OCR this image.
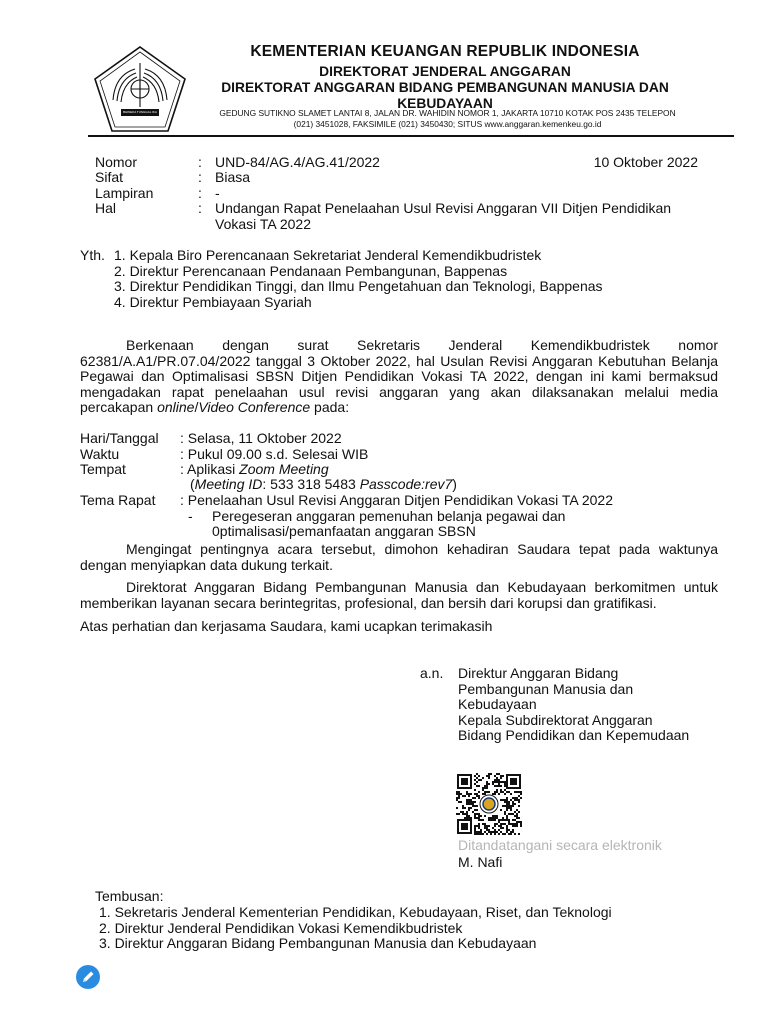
BHINEKA TUNGGAL IKA
KEMENTERIAN KEUANGAN REPUBLIK INDONESIA
DIREKTORAT JENDERAL ANGGARAN
DIREKTORAT ANGGARAN BIDANG PEMBANGUNAN MANUSIA DAN KEBUDAYAAN
GEDUNG SUTIKNO SLAMET LANTAI 8, JALAN DR. WAHIDIN NOMOR 1, JAKARTA 10710 KOTAK POS 2435 TELEPON
(021) 3451028, FAKSIMILE (021) 3450430; SITUS www.anggaran.kemenkeu.go.id
Nomor	: UND-84/AG.4/AG.41/2022	10 Oktober 2022
Sifat	: Biasa
Lampiran	: -
Hal	: Undangan Rapat Penelaahan Usul Revisi Anggaran VII Ditjen Pendidikan
Vokasi TA 2022
Yth. 1. Kepala Biro Perencanaan Sekretariat Jenderal Kemendikbudristek
2. Direktur Perencanaan Pendanaan Pembangunan, Bappenas
3. Direktur Pendidikan Tinggi, dan Ilmu Pengetahuan dan Teknologi, Bappenas
4. Direktur Pembiayaan Syariah
Berkenaan dengan surat Sekretaris Jenderal Kemendikbudristek nomor
62381/A.A1/PR.07.04/2022 tanggal 3 Oktober 2022, hal Usulan Revisi Anggaran Kebutuhan Belanja
Pegawai dan Optimalisasi SBSN Ditjen Pendidikan Vokasi TA 2022, dengan ini kami bermaksud
mengadakan rapat penelaahan usul revisi anggaran yang akan dilaksanakan melalui media
percakapan online/Video Conference pada:
Hari/Tanggal : Selasa, 11 Oktober 2022
Waktu	: Pukul 09.00 s.d. Selesai WIB
Tempat	: Aplikasi Zoom Meeting
(Meeting ID: 533 318 5483 Passcode:rev7)
Tema Rapat : Penelaahan Usul Revisi Anggaran Ditjen Pendidikan Vokasi TA 2022
- Peregeseran anggaran pemenuhan belanja pegawai dan
0ptimalisasi/pemanfaatan anggaran SBSN
Mengingat pentingnya acara tersebut, dimohon kehadiran Saudara tepat pada waktunya
dengan menyiapkan data dukung terkait.
Direktorat Anggaran Bidang Pembangunan Manusia dan Kebudayaan berkomitmen untuk
memberikan layanan secara berintegritas, profesional, dan bersih dari korupsi dan gratifikasi.
Atas perhatian dan kerjasama Saudara, kami ucapkan terimakasih
a.n. Direktur Anggaran Bidang
Pembangunan Manusia dan
Kebudayaan
Kepala Subdirektorat Anggaran
Bidang Pendidikan dan Kepemudaan
Ditandatangani secara elektronik
M. Nafi
Tembusan:
1. Sekretaris Jenderal Kementerian Pendidikan, Kebudayaan, Riset, dan Teknologi
2. Direktur Jenderal Pendidikan Vokasi Kemendikbudristek
3. Direktur Anggaran Bidang Pembangunan Manusia dan Kebudayaan
